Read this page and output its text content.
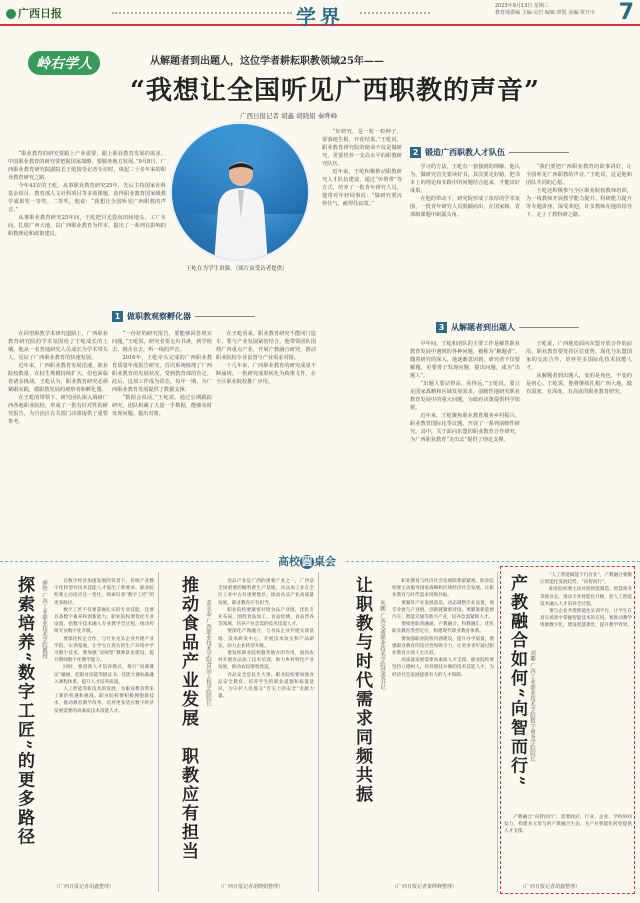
广西日报	学界	2023年9月13日 星期三
教育部委编 主编:吴岩 编辑:覃凯 美编:覃开宇	7
岭右学人	从解题者到出题人，这位学者耕耘职教领域25年——
“我想让全国听见广西职教的声音”
广西日报记者 胡鑫 胡晓娟 秦晔峰

“职业教育的研究要跟上产业需要，跟上职业教育发展的需求。中国职业教育的研究要把握国家战略，要服务地方发展。”9月8日，广西职业教育研究院副院长王屹接受记者专访时，谈起二十多年来的职业教育研究之路。

今年43岁的王屹，从事职业教育研究25年，先后主持国家社科基金项目、教育部人文社科项目等多项课题，获得职业教育国家级教学成果奖一等奖、二等奖。他说：“我想让全国听见广西职教的声音。”

从事职业教育研究25年间，王屹把目光投向田间地头、工厂车间，扎根广西大地，以广西职业教育为样本，提出了一系列有影响的职教理论和政策建议。

王屹在为学生讲课。（图片由受访者提供）
1 做职教观察孵化器

在回望职教学术研究道路上，广西职业教育研究院的学术氛围给了王屹成长的土壤。他从一名普通研究人员成长为学术带头人，见证了广西职业教育的快速发展。

近年来，广西职业教育发展迅速，职业院校数量、在校生规模持续扩大，但也面临着诸多挑战。王屹认为，职业教育研究必须紧跟实践，做职教发展的观察者和孵化器。

在王屹的带领下，研究团队深入调研广西各地职业院校，形成了一批有针对性的研究报告，为自治区有关部门决策提供了重要参考。

“一份好的研究报告，要能够回答现实问题。”王屹说，研究者要走出书斋，到学校去、到企业去，听一线的声音。

2016年，王屹牵头完成的广西职业教育质量年度报告研究，首次系统梳理了广西职业教育的发展状况，受到教育部的肯定。此后，这项工作成为常态，每年一期，为广西职业教育发展提供了数据支撑。

“数据会说话。”王屹说，通过长期跟踪研究，团队积累了大量一手数据，能够及时发现问题、提出对策。

在王屹看来，职业教育研究不能闭门造车，要与产业发展紧密结合。他带领团队围绕广西重点产业，开展产教融合研究，推动职业院校专业设置与产业需求对接。

十几年来，广西职业教育的研究成果不断涌现，一批研究成果转化为政策文件，在全区职业院校推广应用。

2 锻造广西职教人才队伍

“好研究，是一粒一粒种子，要落地生根、开花结果。”王屹说，职业教育研究院的使命不仅是做研究，更要培养一支高水平的职教研究队伍。

近年来，王屹积极推动职教研究人才队伍建设，通过“传帮带”等方式，培养了一批青年研究人员。他常对年轻同事说：“做研究要沉得住气，耐得住寂寞。”

学习的方法，王屹有一套独到的理解。他认为，做研究首先要读好书，其次要走好路，把书本上的理论和实践中的问题结合起来，才能出好成果。

在他的带动下，研究院形成了浓厚的学术氛围，一批青年研究人员脱颖而出，在国家级、省部级课题中崭露头角。

“我们要把广西职业教育的故事讲好，让全国听见广西职教的声音。”王屹说，这是他和团队共同的心愿。

王屹还积极参与全区职业院校教师培训，为一线教师开展教学能力提升、科研能力提升等专题讲座，深受欢迎。许多教师在他的指导下，走上了教科研之路。

3 从解题者到出题人

早年间，王屹和团队的主要工作是解答职业教育发展中遇到的各种问题，被称为“解题者”。随着研究的深入，他逐渐意识到，研究者不仅要解题，更要善于发现问题、提出问题，成为“出题人”。

“出题人要站得高、看得远。”王屹说，要立足国家战略和区域发展需求，前瞻性地研究职业教育发展中的重大问题，为政府决策提供科学依据。

近年来，王屹聚焦职业教育服务乡村振兴、职业教育国际化等议题，开展了一系列前瞻性研究。其中，关于面向东盟的职业教育合作研究，为广西职业教育“走出去”提供了理论支撑。

王屹说，广西地处面向东盟开放合作的前沿，职业教育要发挥区位优势，深化与东盟国家的交流合作，培养更多国际化技术技能人才。

从解题者到出题人，变的是角色，不变的是初心。王屹说，他将继续扎根广西大地，做有温度、有深度、有高度的职业教育研究。

高校 圆 桌会
探索培养“数字工匠”的更多路径	廖智 广西工业职业技术学院教授	在数字经济加速发展的背景下，传统产业数字化转型对技术技能人才提出了新要求。职业院校要主动适应这一变化，探索培养“数字工匠”的更多路径。

数字工匠不仅要掌握扎实的专业技能，还要具备数字素养和创新能力。职业院校要优化专业设置，把数字技术融入专业教学全过程，推动传统专业数字化升级。

要深化校企合作，与行业龙头企业共建产业学院、实训基地，让学生在真实的生产环境中学习数字技术。要加强“双师型”教师队伍建设，提升教师数字化教学能力。

同时，要创新人才培养模式，推行“岗课赛证”融通，把职业技能等级证书、技能大赛标准融入课程体系，提升人才培养质量。

人工智能等新技术的发展，为职业教育带来了新的机遇和挑战。职业院校要积极拥抱新技术，推动教育教学改革，培养更多适应数字经济发展需要的高素质技术技能人才。

（广西日报记者胡鑫整理）
推动食品产业发展　职教应有担当	黄永泰 广西职业技术学院食品工程学院院长

食品产业是广西的重要产业之一，广西是全国重要的糖料蔗生产基地，食品加工业在全区工业中占有重要地位。推动食品产业高质量发展，职业教育应有担当。

职业院校要紧密对接食品产业链，优化专业布局，围绕食品加工、食品检测、食品营养等领域，培养产业急需的技术技能人才。

要深化产教融合，与食品企业共建实训基地、技术研发中心，开展技术攻关和产品研发，助力企业转型升级。

要发挥职业院校服务地方的作用，面向农村开展食品加工技术培训，助力乡村特色产业发展，推动农民增收致富。

食品安全是民生大事。职业院校要加强食品安全教育，培养学生的职业道德和质量意识，为守护人民群众“舌尖上的安全”贡献力量。

（广西日报记者胡晓娟整理）
让职教与时代需求同频共振	朱鹏 广西交通职业技术学院党委书记

职业教育与经济社会发展联系最紧密。职业院校要主动服务国家战略和区域经济社会发展，让职业教育与时代需求同频共振。

要紧盯产业发展前沿，动态调整专业设置，使专业链与产业链、创新链紧密对接。要瞄准新能源汽车、智能交通等新兴产业，培养急需紧缺人才。

要推进职普融通、产教融合、科教融汇，优化职业教育类型定位，构建现代职业教育体系。

要加强职业院校内涵建设，提升办学质量，增强职业教育的适应性和吸引力，让更多青年通过职业教育实现人生出彩。

高质量发展需要高素质人才支撑。职业院校要坚持立德树人，培养德技并修的技术技能人才，为经济社会发展提供有力的人才保障。

（广西日报记者秦晔峰整理）
产教融合如何“向智而行” 刘璐 广西工业职业技术学院数字商务学院院长

“人工智能赋能千行百业”，产教融合要顺应智能化发展趋势，“向智而行”。

职业院校要主动对接智能制造、智慧商务等新业态，推动专业智能化升级，把人工智能技术融入人才培养全过程。

要与企业共建智能化实训平台，让学生在真实场景中掌握智能技术的应用。要推动教学资源数字化，建设智慧课堂，提升教学效果。

产教融合“向智而行”，需要政府、行业、企业、学校协同发力，构建多元参与的产教融合生态，为产业智能化转型提供人才支撑。

（广西日报记者胡鑫整理）
